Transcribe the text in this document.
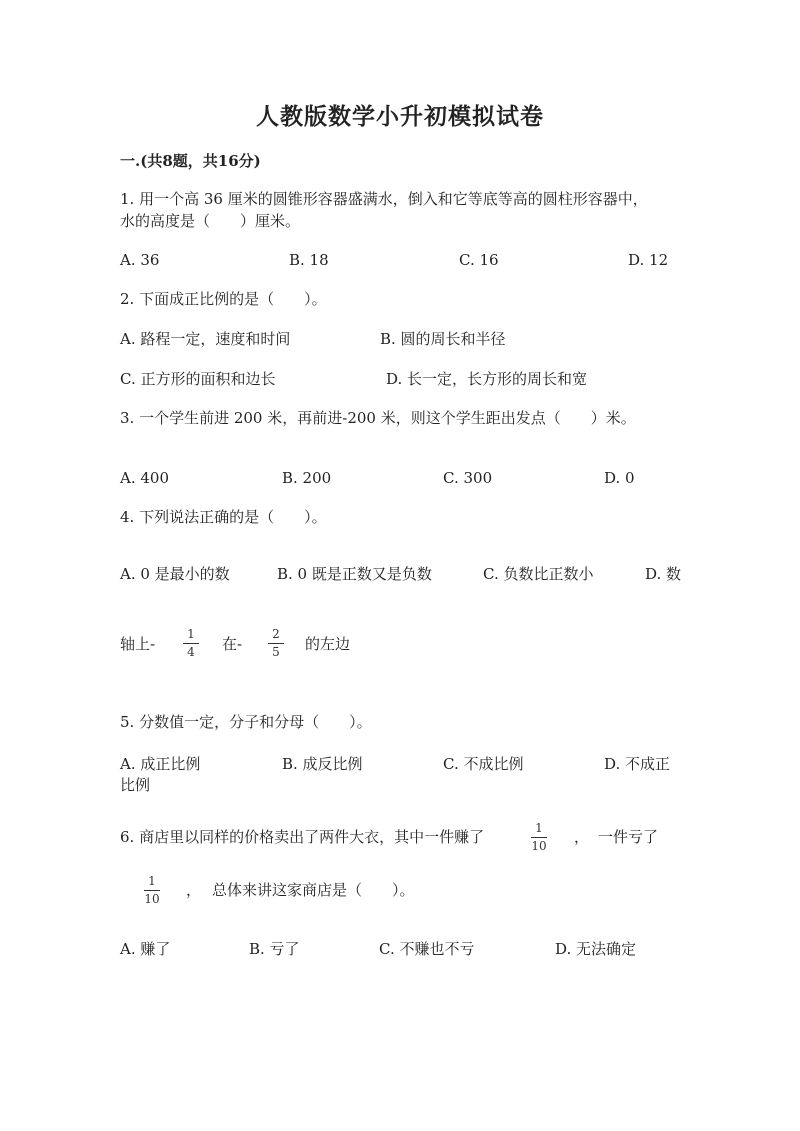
人教版数学小升初模拟试卷
一.(共8题，共16分)
1. 用一个高 36 厘米的圆锥形容器盛满水，倒入和它等底等高的圆柱形容器中，
水的高度是（　　）厘米。
A. 36	B. 18	C. 16	D. 12
2. 下面成正比例的是（　　）。
A. 路程一定，速度和时间	B. 圆的周长和半径
C. 正方形的面积和边长	D. 长一定，长方形的周长和宽
3. 一个学生前进 200 米，再前进-200 米，则这个学生距出发点（　　）米。
A. 400	B. 200	C. 300	D. 0
4. 下列说法正确的是（　　）。
A. 0 是最小的数	B. 0 既是正数又是负数	C. 负数比正数小	D. 数
轴上-
1
4 在-
2
5 的左边
5. 分数值一定，分子和分母（　　）。
A. 成正比例	B. 成反比例	C. 不成比例	D. 不成正
比例
6. 商店里以同样的价格卖出了两件大衣，其中一件赚了	1
10 ， 一件亏了
1
10 ， 总体来讲这家商店是（　　）。
A. 赚了	B. 亏了	C. 不赚也不亏	D. 无法确定
